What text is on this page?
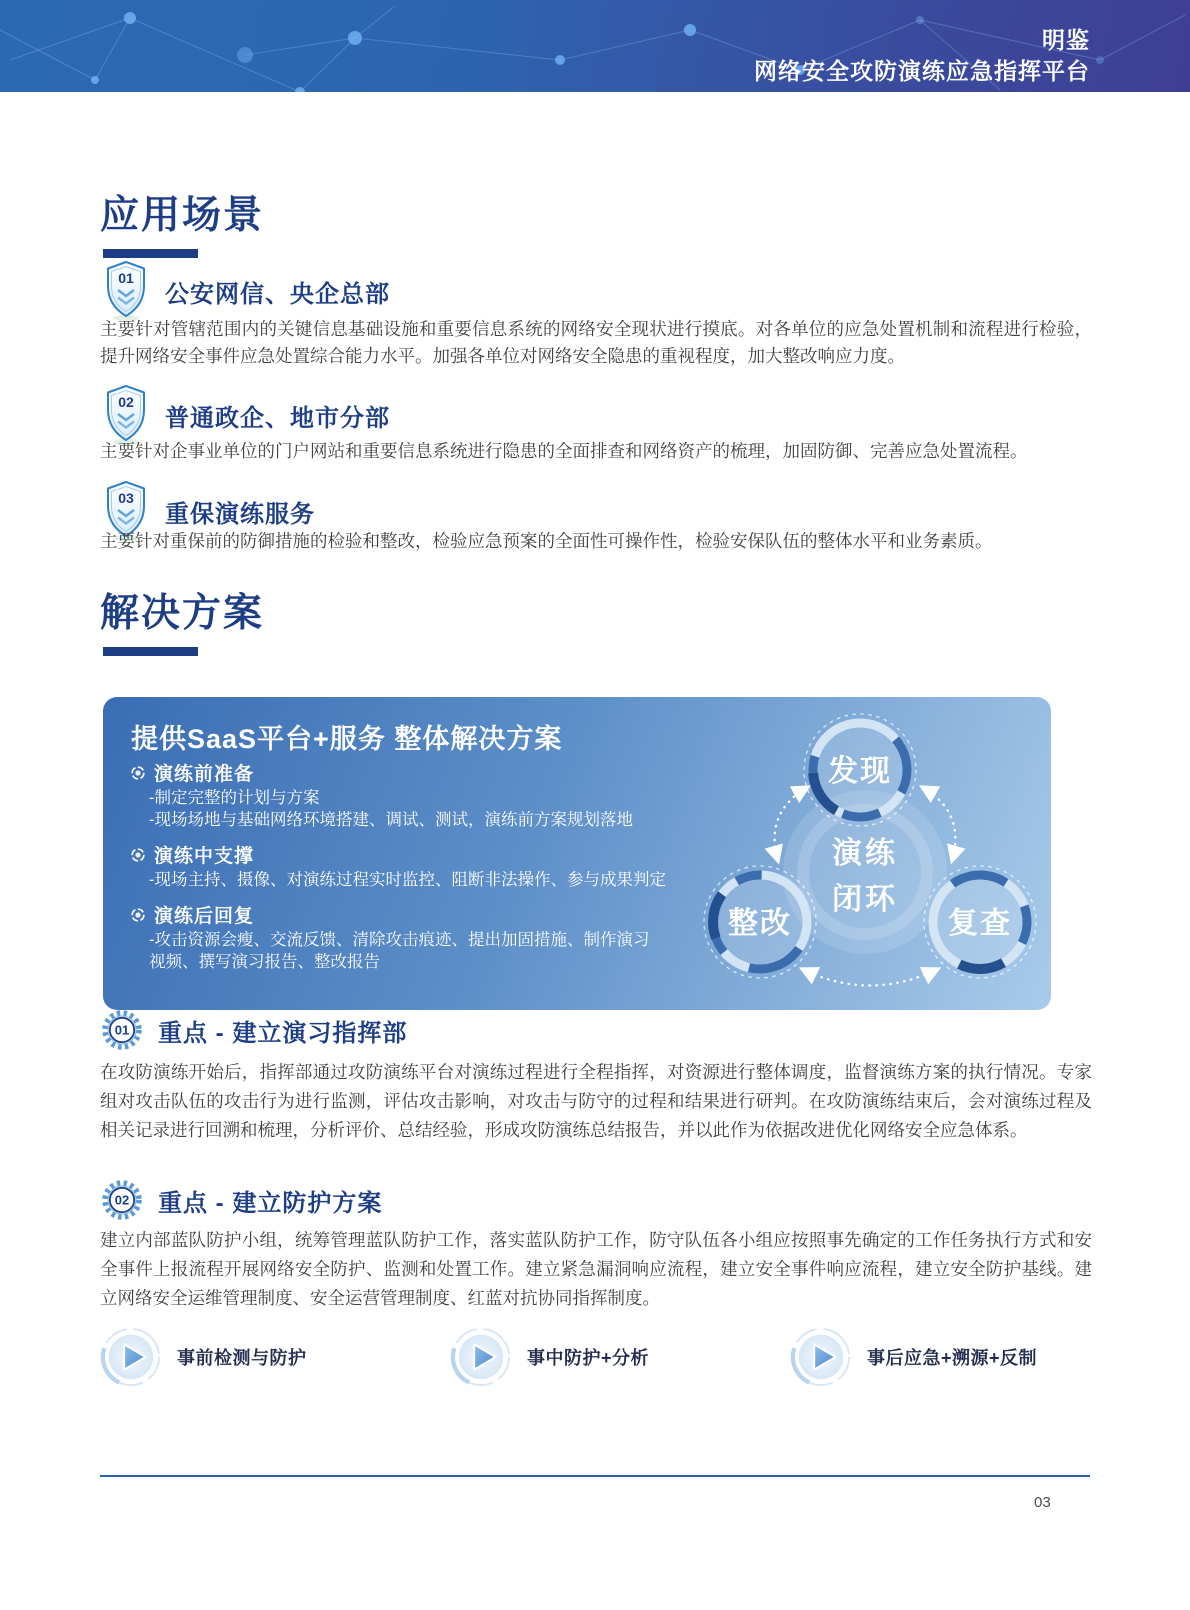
明鉴
网络安全攻防演练应急指挥平台
应用场景
01
公安网信、央企总部
主要针对管辖范围内的关键信息基础设施和重要信息系统的网络安全现状进行摸底。对各单位的应急处置机制和流程进行检验，提升网络安全事件应急处置综合能力水平。加强各单位对网络安全隐患的重视程度，加大整改响应力度。
02
普通政企、地市分部
主要针对企事业单位的门户网站和重要信息系统进行隐患的全面排查和网络资产的梳理，加固防御、完善应急处置流程。
03
重保演练服务
主要针对重保前的防御措施的检验和整改，检验应急预案的全面性可操作性，检验安保队伍的整体水平和业务素质。
解决方案
提供SaaS平台+服务 整体解决方案
演练前准备
-制定完整的计划与方案
-现场场地与基础网络环境搭建、调试、测试，演练前方案规划落地
演练中支撑
-现场主持、摄像、对演练过程实时监控、阻断非法操作、参与成果判定
演练后回复
-攻击资源会瘦、交流反馈、清除攻击痕迹、提出加固措施、制作演习视频、撰写演习报告、整改报告
演练
闭环
发现
整改	复查
01 重点 - 建立演习指挥部
在攻防演练开始后，指挥部通过攻防演练平台对演练过程进行全程指挥，对资源进行整体调度，监督演练方案的执行情况。专家组对攻击队伍的攻击行为进行监测，评估攻击影响，对攻击与防守的过程和结果进行研判。在攻防演练结束后，会对演练过程及相关记录进行回溯和梳理，分析评价、总结经验，形成攻防演练总结报告，并以此作为依据改进优化网络安全应急体系。
02 重点 - 建立防护方案
建立内部蓝队防护小组，统筹管理蓝队防护工作，落实蓝队防护工作，防守队伍各小组应按照事先确定的工作任务执行方式和安全事件上报流程开展网络安全防护、监测和处置工作。建立紧急漏洞响应流程，建立安全事件响应流程，建立安全防护基线。建立网络安全运维管理制度、安全运营管理制度、红蓝对抗协同指挥制度。
事前检测与防护	事中防护+分析	事后应急+溯源+反制
03
